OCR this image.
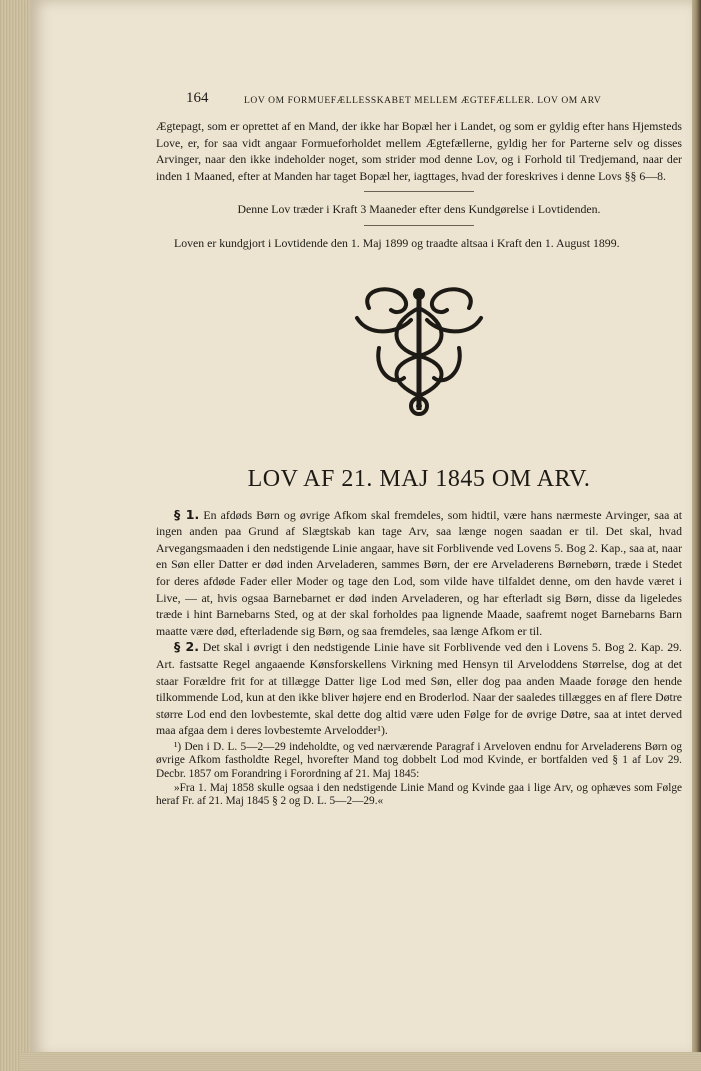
164	LOV OM FORMUEFÆLLESSKABET MELLEM ÆGTEFÆLLER. LOV OM ARV

Ægtepagt, som er oprettet af en Mand, der ikke har Bopæl her i Landet, og som er gyldig efter hans Hjemsteds Love, er, for saa vidt angaar Formueforholdet mellem Ægtefællerne, gyldig her for Parterne selv og disses Arvinger, naar den ikke indeholder noget, som strider mod denne Lov, og i Forhold til Tredjemand, naar der inden 1 Maaned, efter at Manden har taget Bopæl her, iagttages, hvad der foreskrives i denne Lovs §§ 6—8.

Denne Lov træder i Kraft 3 Maaneder efter dens Kundgørelse i Lovtidenden.

Loven er kundgjort i Lovtidende den 1. Maj 1899 og traadte altsaa i Kraft den 1. August 1899.

LOV AF 21. MAJ 1845 OM ARV.

§ 1. En afdøds Børn og øvrige Afkom skal fremdeles, som hidtil, være hans nærmeste Arvinger, saa at ingen anden paa Grund af Slægtskab kan tage Arv, saa længe nogen saadan er til. Det skal, hvad Arvegangsmaaden i den nedstigende Linie angaar, have sit Forblivende ved Lovens 5. Bog 2. Kap., saa at, naar en Søn eller Datter er død inden Arveladeren, sammes Børn, der ere Arveladerens Børnebørn, træde i Stedet for deres afdøde Fader eller Moder og tage den Lod, som vilde have tilfaldet denne, om den havde været i Live, — at, hvis ogsaa Barnebarnet er død inden Arveladeren, og har efterladt sig Børn, disse da ligeledes træde i hint Barnebarns Sted, og at der skal forholdes paa lignende Maade, saafremt noget Barnebarns Barn maatte være død, efterladende sig Børn, og saa fremdeles, saa længe Afkom er til.

§ 2. Det skal i øvrigt i den nedstigende Linie have sit Forblivende ved den i Lovens 5. Bog 2. Kap. 29. Art. fastsatte Regel angaaende Kønsforskellens Virkning med Hensyn til Arveloddens Størrelse, dog at det staar Forældre frit for at tillægge Datter lige Lod med Søn, eller dog paa anden Maade forøge den hende tilkommende Lod, kun at den ikke bliver højere end en Broderlod. Naar der saaledes tillægges en af flere Døtre større Lod end den lovbestemte, skal dette dog altid være uden Følge for de øvrige Døtre, saa at intet derved maa afgaa dem i deres lovbestemte Arvelodder¹).

¹) Den i D. L. 5—2—29 indeholdte, og ved nærværende Paragraf i Arveloven endnu for Arveladerens Børn og øvrige Afkom fastholdte Regel, hvorefter Mand tog dobbelt Lod mod Kvinde, er bortfalden ved § 1 af Lov 29. Decbr. 1857 om Forandring i Forordning af 21. Maj 1845:

»Fra 1. Maj 1858 skulle ogsaa i den nedstigende Linie Mand og Kvinde gaa i lige Arv, og ophæves som Følge heraf Fr. af 21. Maj 1845 § 2 og D. L. 5—2—29.«
